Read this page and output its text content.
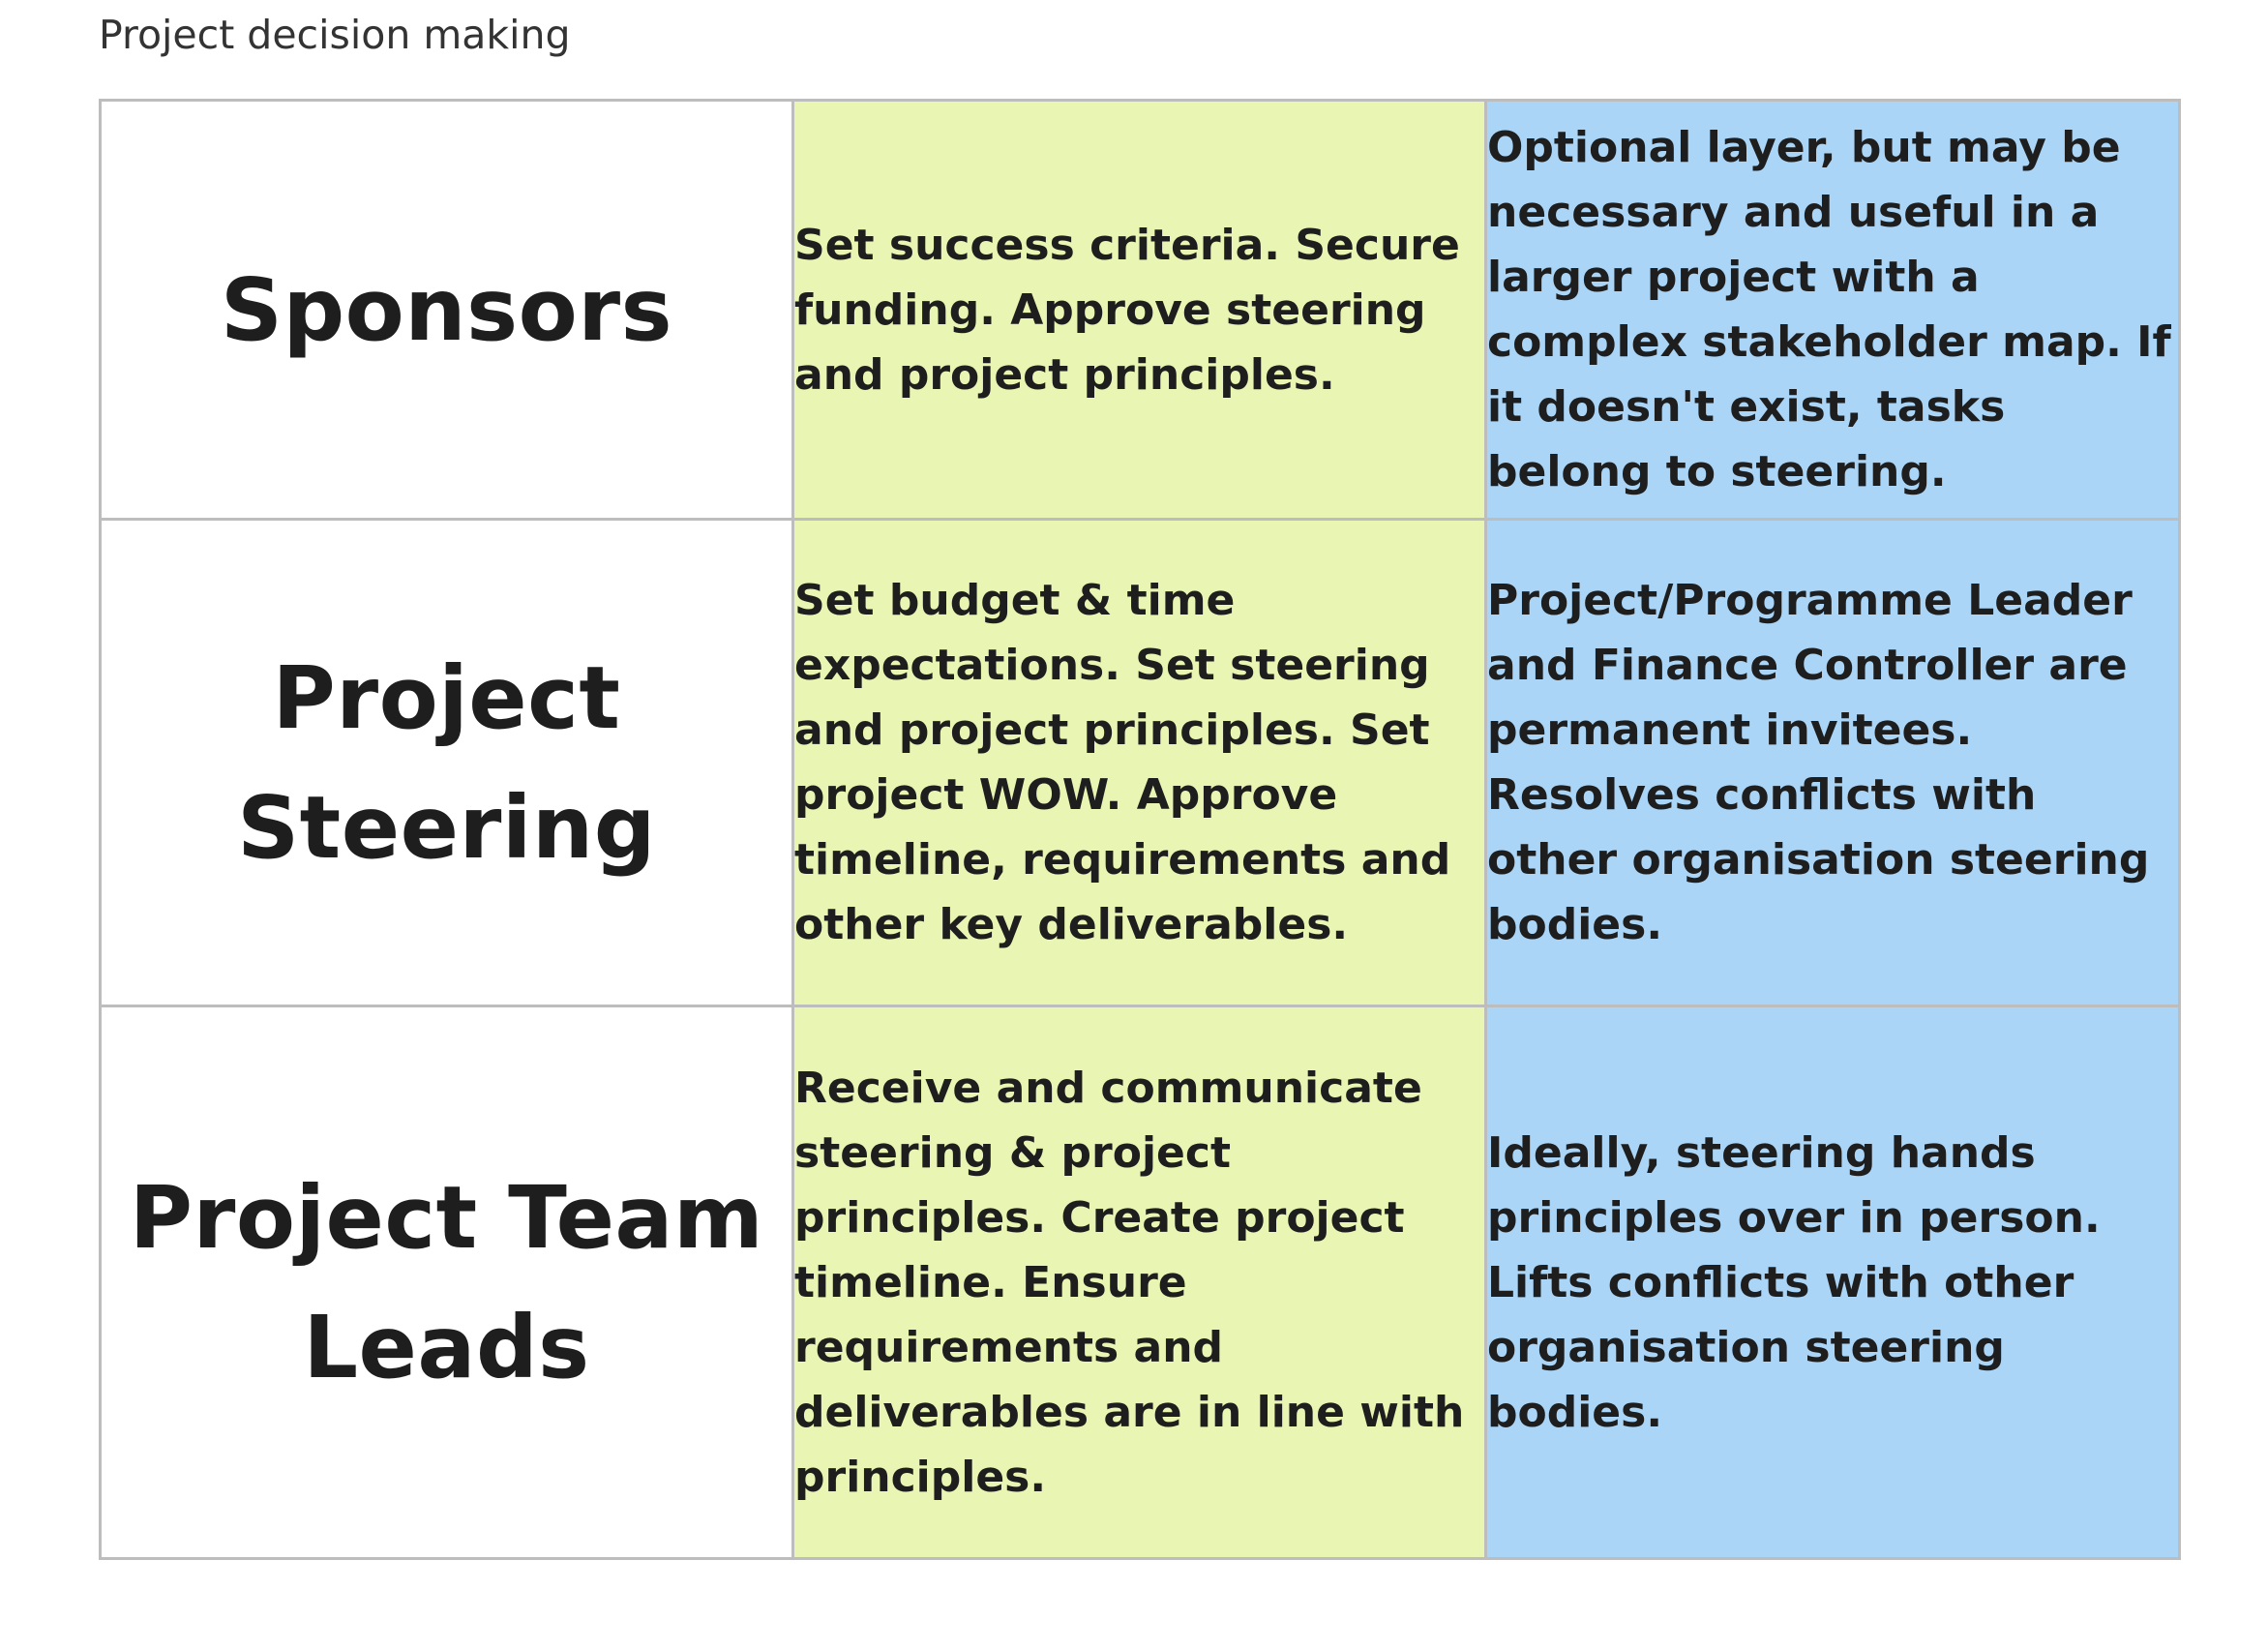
Project decision making
Sponsors	Set success criteria. Secure funding. Approve steering and project principles.	Optional layer, but may be necessary and useful in a larger project with a complex stakeholder map. If it doesn't exist, tasks belong to steering.

Project Steering	Set budget & time expectations. Set steering and project principles. Set project WOW. Approve timeline, requirements and other key deliverables.	Project/Programme Leader and Finance Controller are permanent invitees. Resolves conflicts with other organisation steering bodies.

Project Team Leads	Receive and communicate steering & project principles. Create project timeline. Ensure requirements and deliverables are in line with principles.	Ideally, steering hands principles over in person. Lifts conflicts with other organisation steering bodies.
